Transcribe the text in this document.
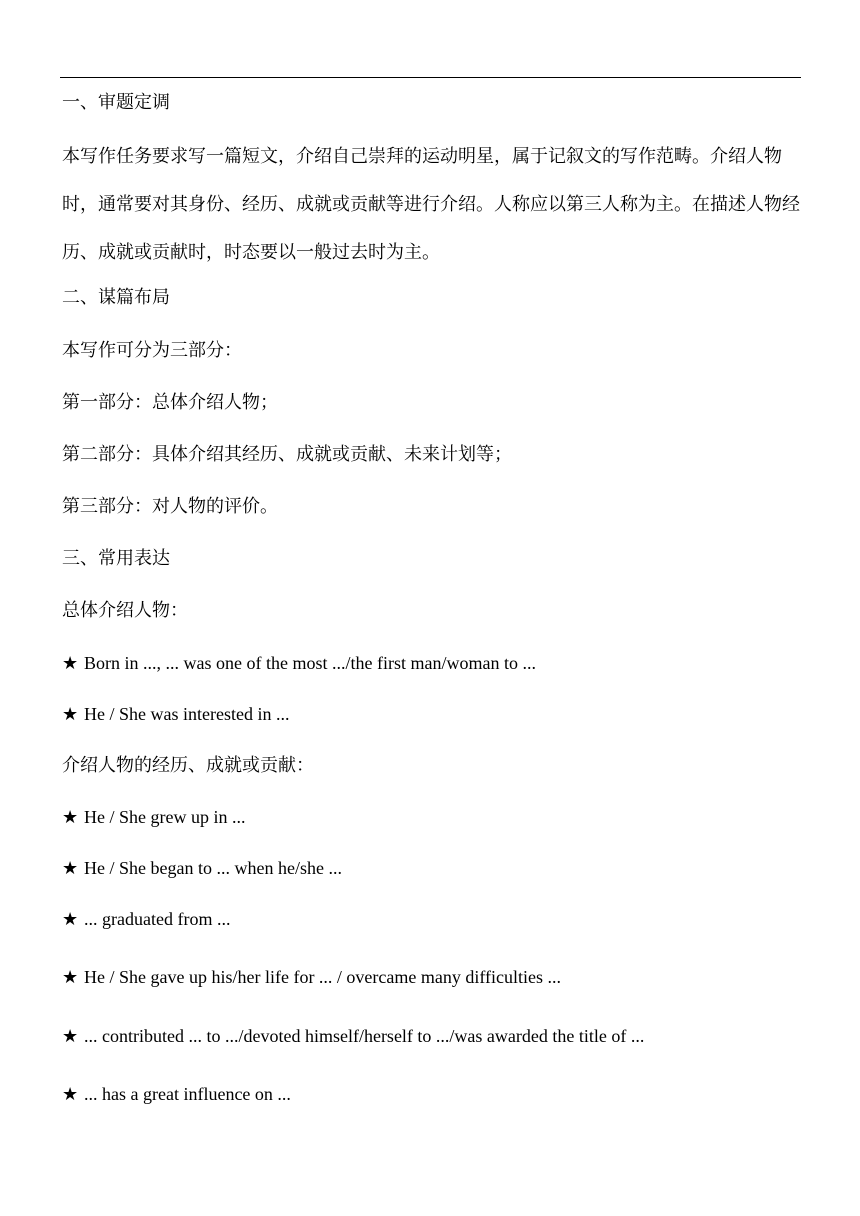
一、审题定调
本写作任务要求写一篇短文，介绍自己崇拜的运动明星，属于记叙文的写作范畴。介绍人物时，通常要对其身份、经历、成就或贡献等进行介绍。人称应以第三人称为主。在描述人物经历、成就或贡献时，时态要以一般过去时为主。
二、谋篇布局
本写作可分为三部分：
第一部分：总体介绍人物；
第二部分：具体介绍其经历、成就或贡献、未来计划等；
第三部分：对人物的评价。
三、常用表达
总体介绍人物：
★ Born in ..., ... was one of the most .../the first man/woman to ...
★ He / She was interested in ...
介绍人物的经历、成就或贡献：
★ He / She grew up in ...
★ He / She began to ... when he/she ...
★ ... graduated from ...
★ He / She gave up his/her life for ... / overcame many difficulties ...
★ ... contributed ... to .../devoted himself/herself to .../was awarded the title of ...
★ ... has a great influence on ...
